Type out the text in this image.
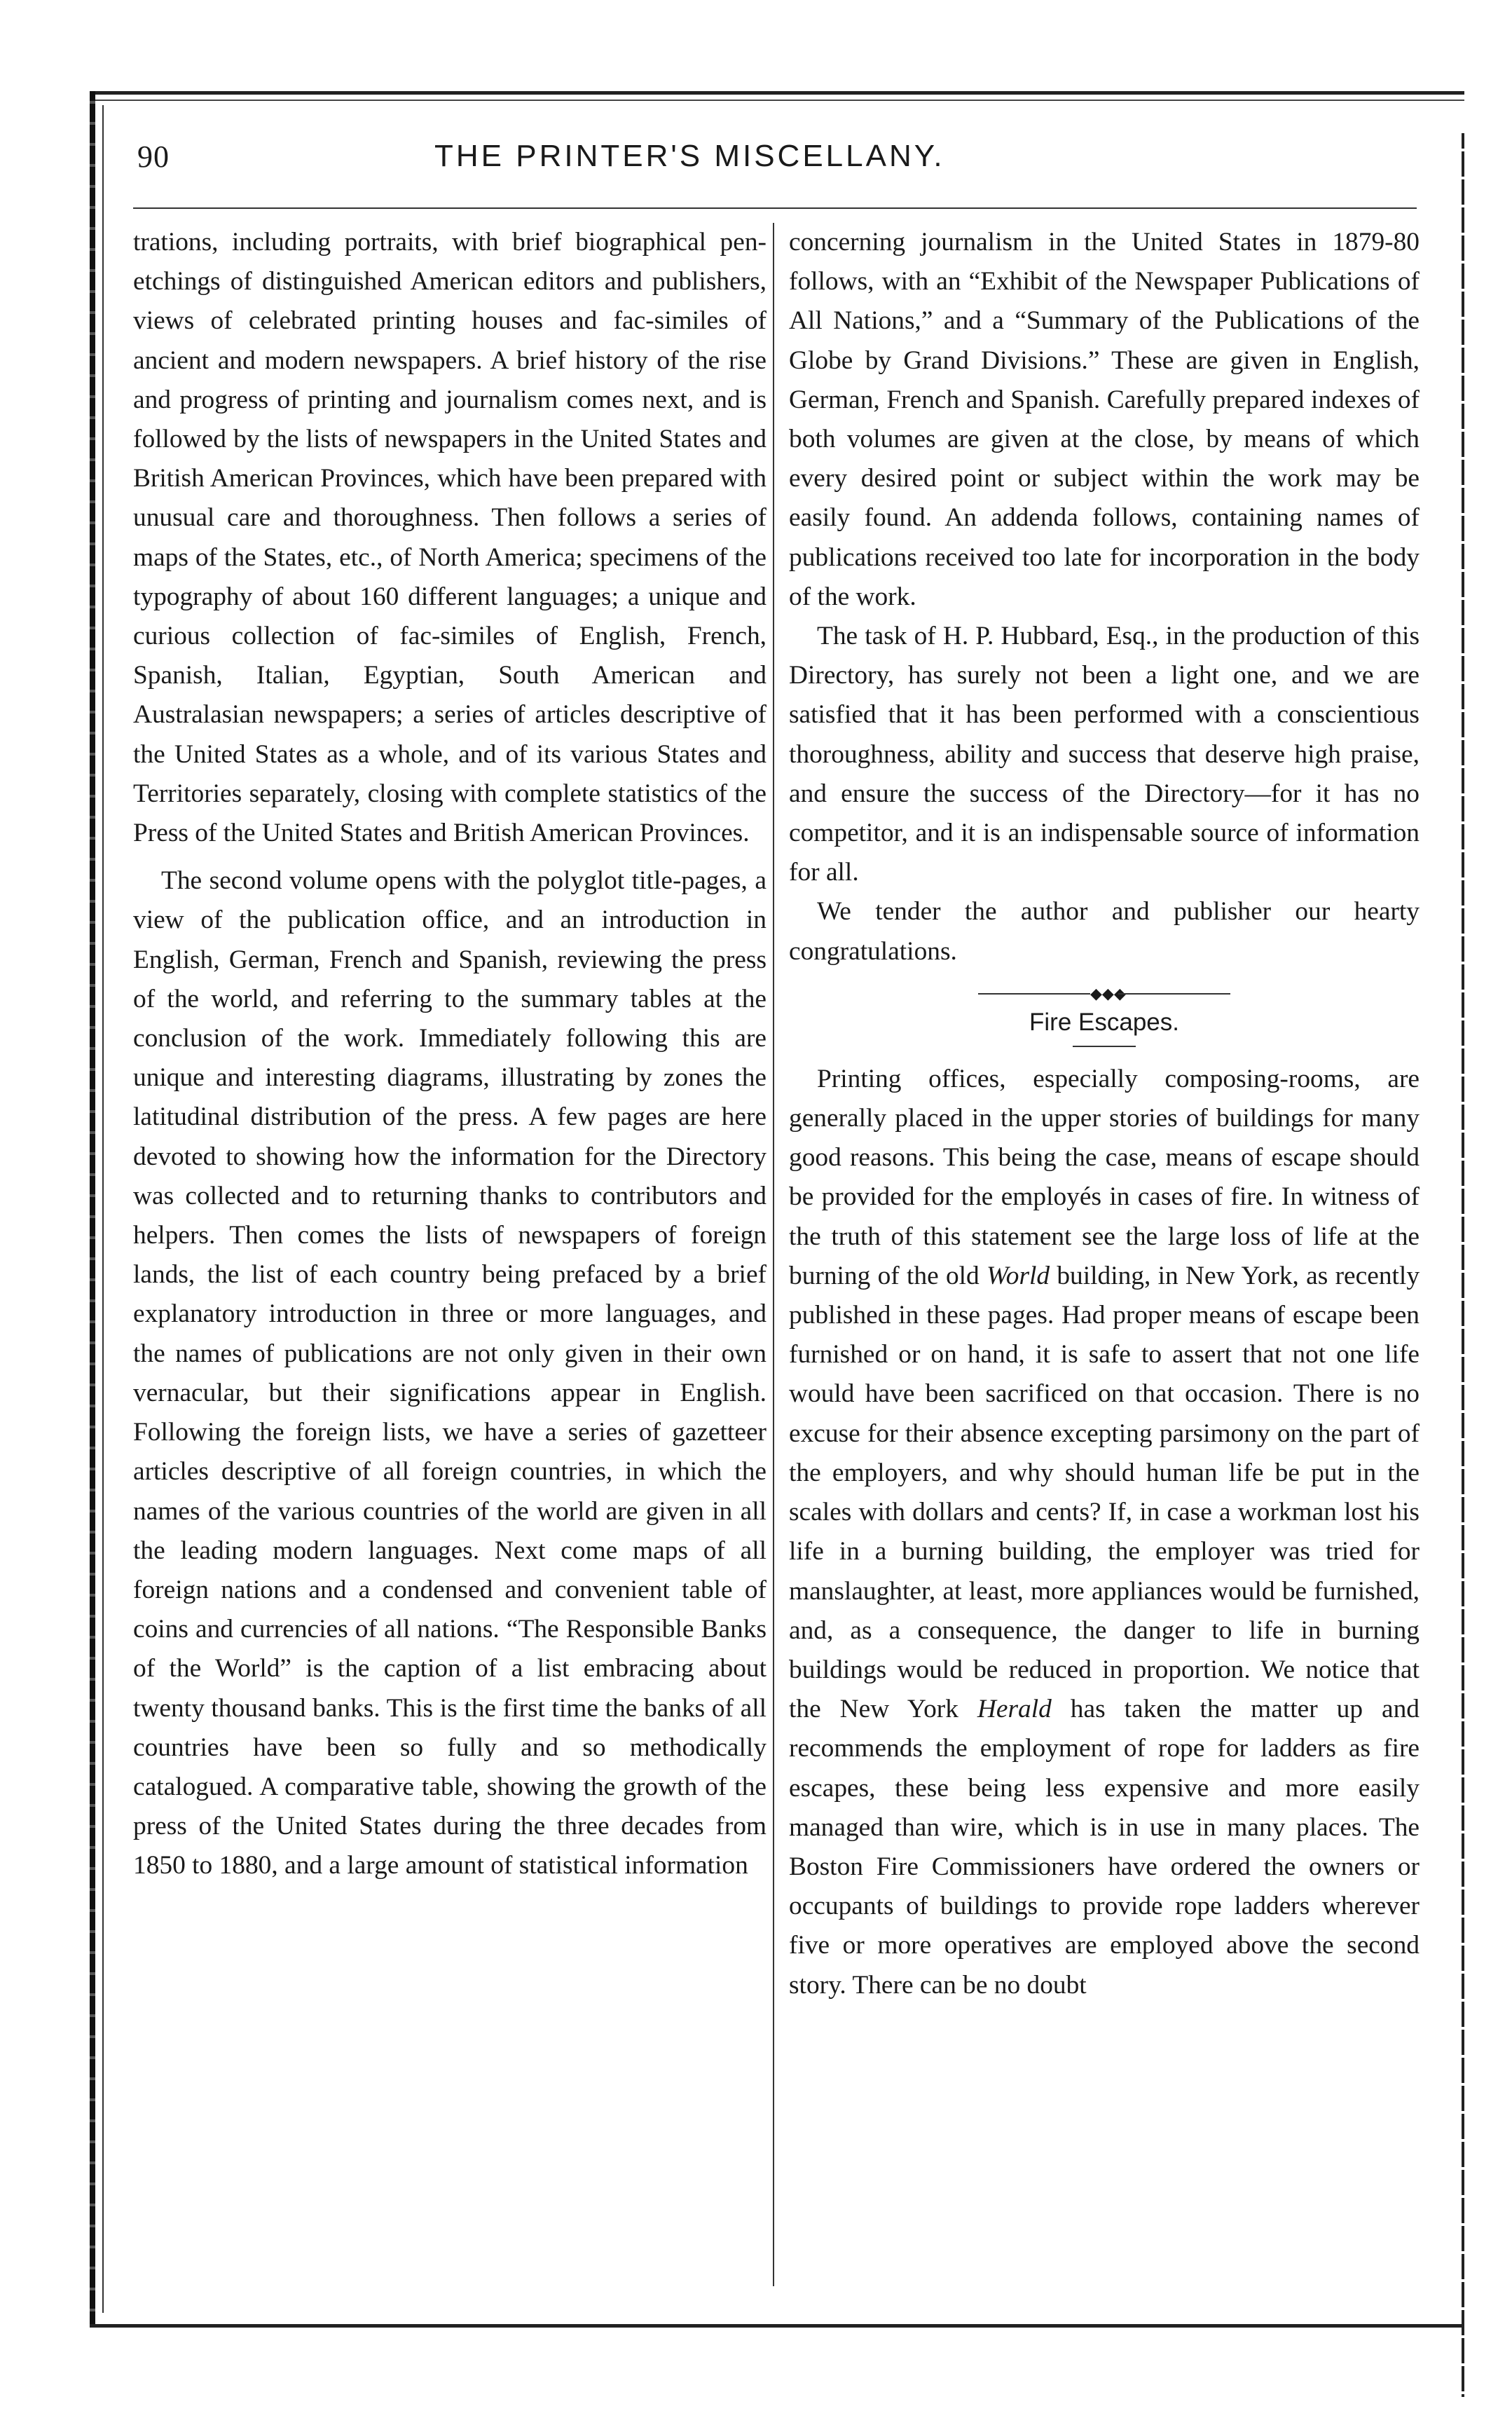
90	THE PRINTER'S MISCELLANY.

trations, including portraits, with brief biographical pen-etchings of distinguished American editors and publishers, views of celebrated printing houses and fac-similes of ancient and modern newspapers. A brief history of the rise and progress of printing and journalism comes next, and is followed by the lists of newspapers in the United States and British American Provinces, which have been prepared with unusual care and thoroughness. Then follows a series of maps of the States, etc., of North America; specimens of the typography of about 160 different languages; a unique and curious collection of fac-similes of English, French, Spanish, Italian, Egyptian, South American and Australasian newspapers; a series of articles descriptive of the United States as a whole, and of its various States and Territories separately, closing with complete statistics of the Press of the United States and British American Provinces.

The second volume opens with the polyglot title-pages, a view of the publication office, and an introduction in English, German, French and Spanish, reviewing the press of the world, and referring to the summary tables at the conclusion of the work. Immediately following this are unique and interesting diagrams, illustrating by zones the latitudinal distribution of the press. A few pages are here devoted to showing how the information for the Directory was collected and to returning thanks to contributors and helpers. Then comes the lists of newspapers of foreign lands, the list of each country being prefaced by a brief explanatory introduction in three or more languages, and the names of publications are not only given in their own vernacular, but their significations appear in English. Following the foreign lists, we have a series of gazetteer articles descriptive of all foreign countries, in which the names of the various countries of the world are given in all the leading modern languages. Next come maps of all foreign nations and a condensed and convenient table of coins and currencies of all nations. “The Responsible Banks of the World” is the caption of a list embracing about twenty thousand banks. This is the first time the banks of all countries have been so fully and so methodically catalogued. A comparative table, showing the growth of the press of the United States during the three decades from 1850 to 1880, and a large amount of statistical information

concerning journalism in the United States in 1879-80 follows, with an “Exhibit of the Newspaper Publications of All Nations,” and a “Summary of the Publications of the Globe by Grand Divisions.” These are given in English, German, French and Spanish. Carefully prepared indexes of both volumes are given at the close, by means of which every desired point or subject within the work may be easily found. An addenda follows, containing names of publications received too late for incorporation in the body of the work.

The task of H. P. Hubbard, Esq., in the production of this Directory, has surely not been a light one, and we are satisfied that it has been performed with a conscientious thoroughness, ability and success that deserve high praise, and ensure the success of the Directory—for it has no competitor, and it is an indispensable source of information for all.

We tender the author and publisher our hearty congratulations.

◆◆◆
Fire Escapes.

Printing offices, especially composing-rooms, are generally placed in the upper stories of buildings for many good reasons. This being the case, means of escape should be provided for the employés in cases of fire. In witness of the truth of this statement see the large loss of life at the burning of the old World building, in New York, as recently published in these pages. Had proper means of escape been furnished or on hand, it is safe to assert that not one life would have been sacrificed on that occasion. There is no excuse for their absence excepting parsimony on the part of the employers, and why should human life be put in the scales with dollars and cents? If, in case a workman lost his life in a burning building, the employer was tried for manslaughter, at least, more appliances would be furnished, and, as a consequence, the danger to life in burning buildings would be reduced in proportion. We notice that the New York Herald has taken the matter up and recommends the employment of rope for ladders as fire escapes, these being less expensive and more easily managed than wire, which is in use in many places. The Boston Fire Commissioners have ordered the owners or occupants of buildings to provide rope ladders wherever five or more operatives are employed above the second story. There can be no doubt
